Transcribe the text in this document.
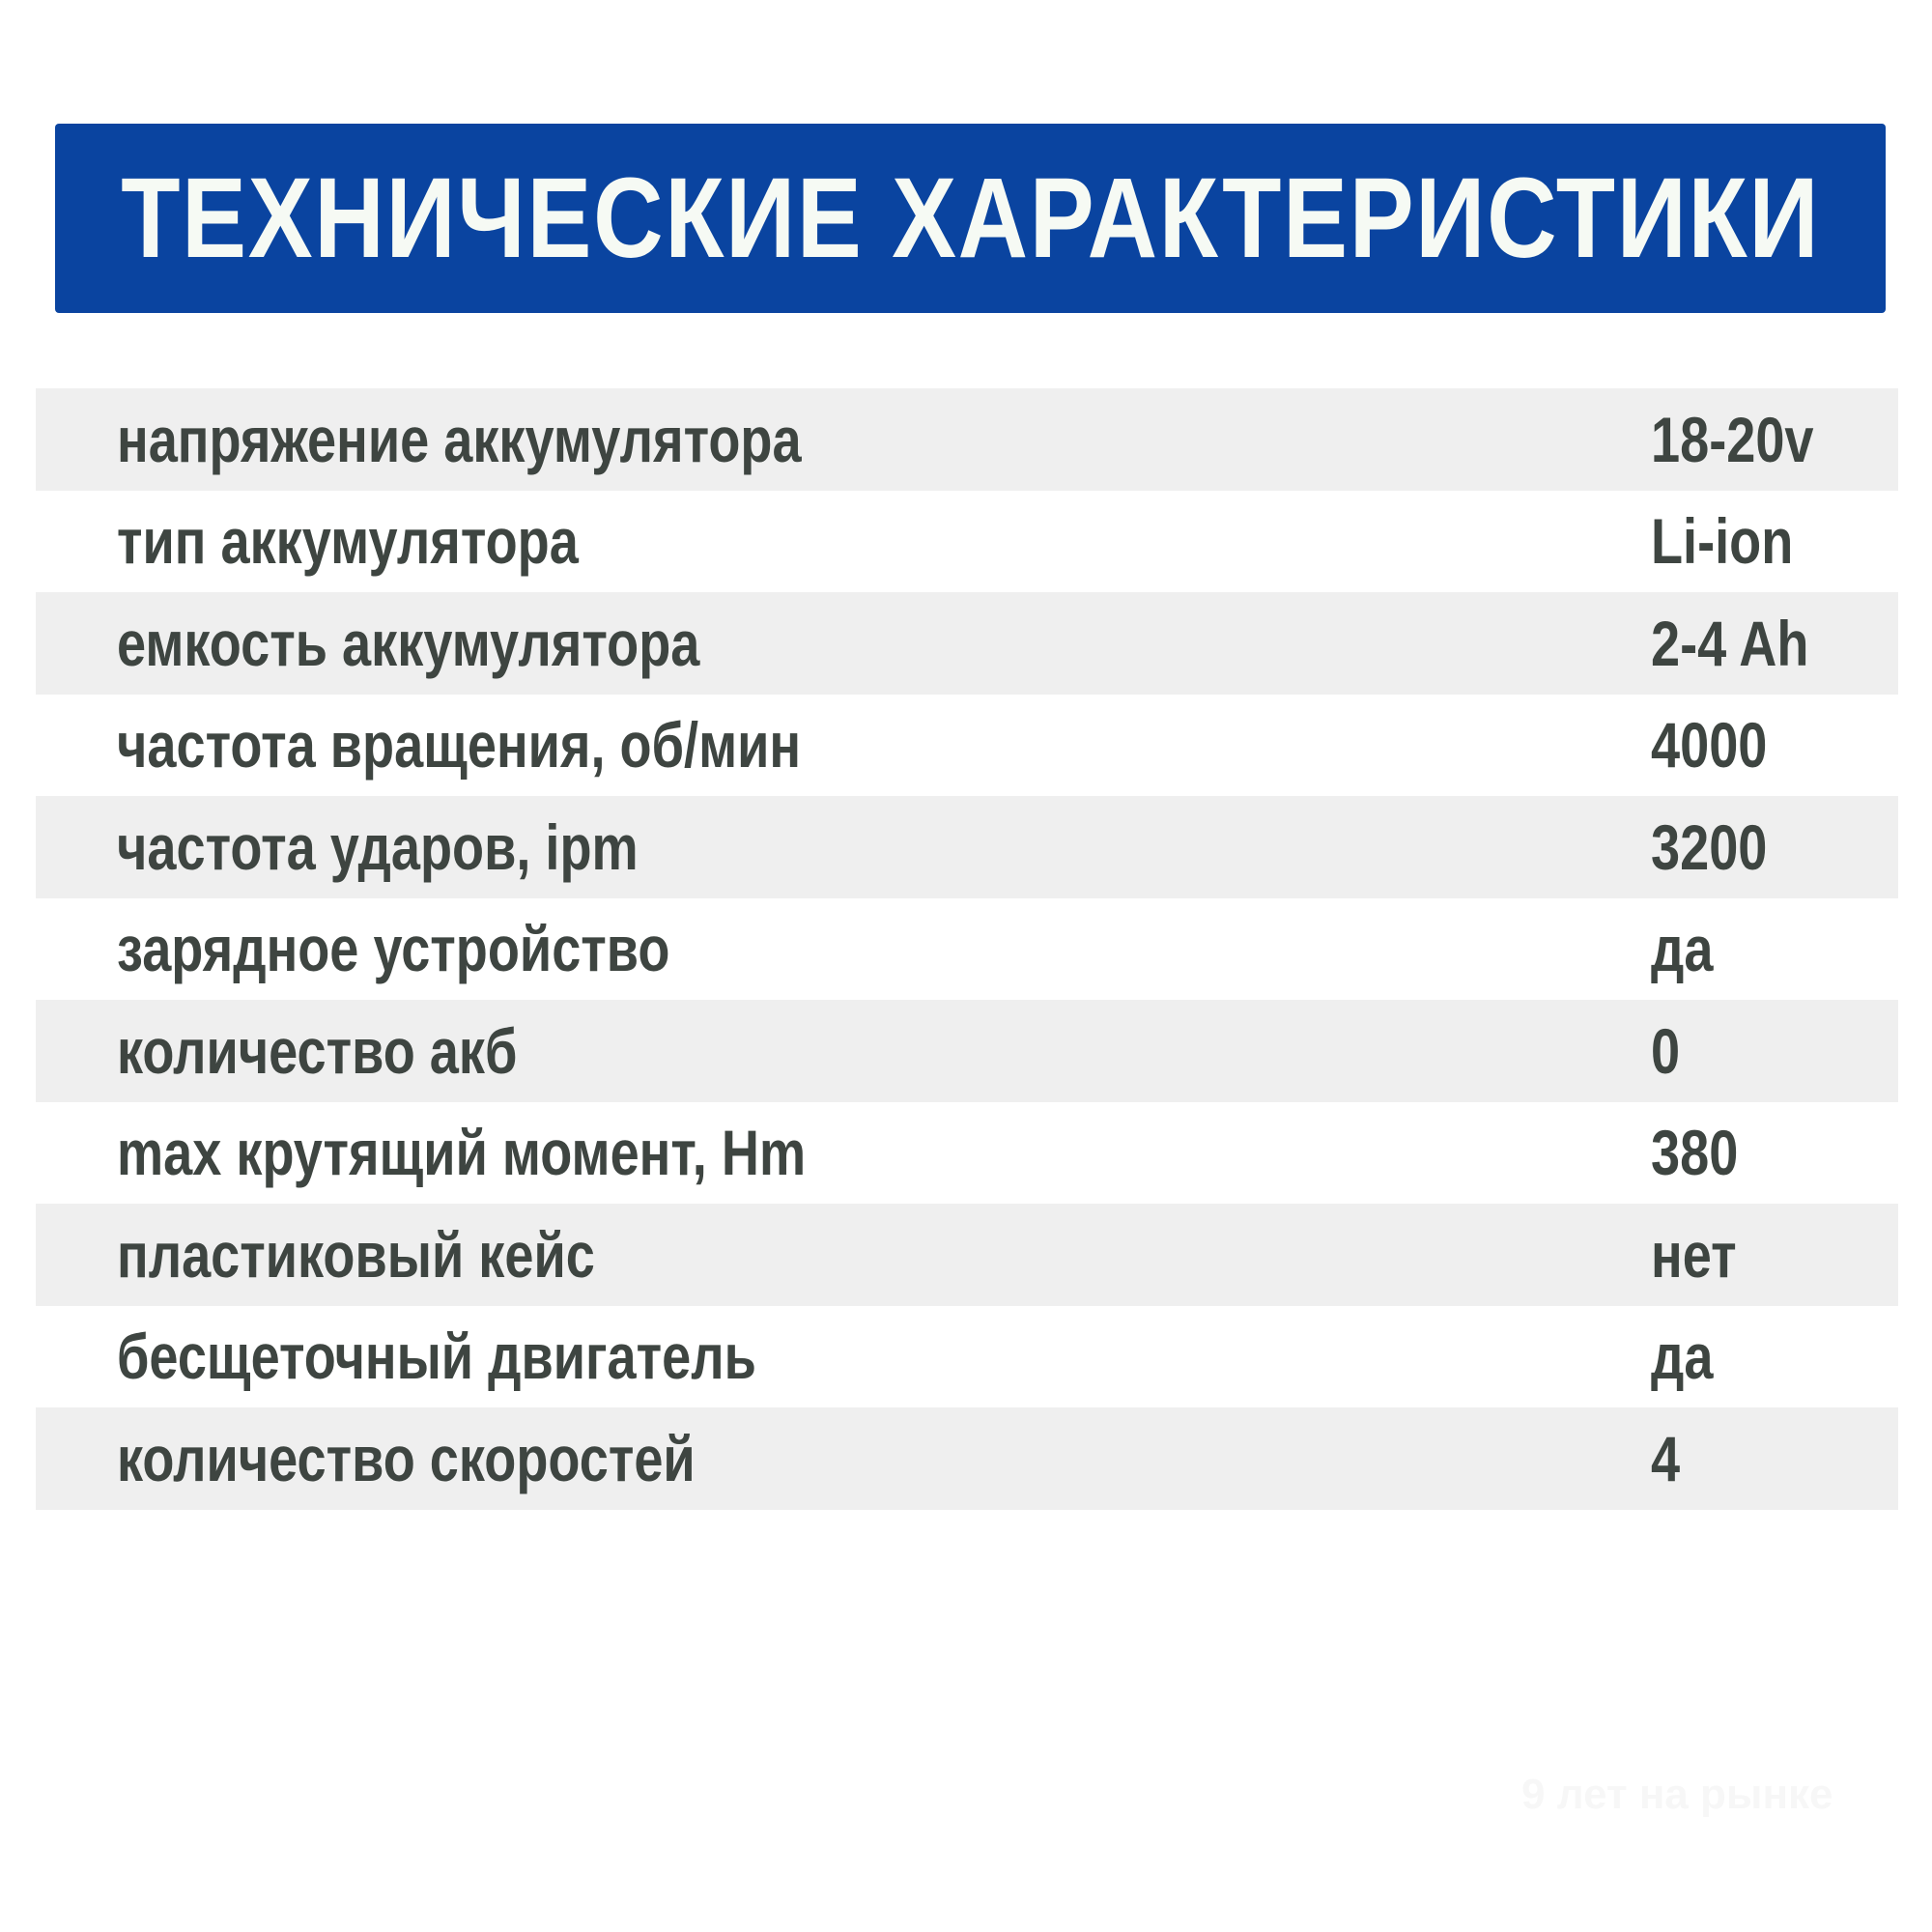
ТЕХНИЧЕСКИЕ ХАРАКТЕРИСТИКИ
напряжение аккумулятора	18-20v
тип аккумулятора	Li-ion
емкость аккумулятора	2-4 Ah
частота вращения, об/мин	4000
частота ударов, ipm	3200
зарядное устройство	да
количество акб	0
max крутящий момент, Hm	380
пластиковый кейс	нет
бесщеточный двигатель	да
количество скоростей	4
9 лет на рынке
